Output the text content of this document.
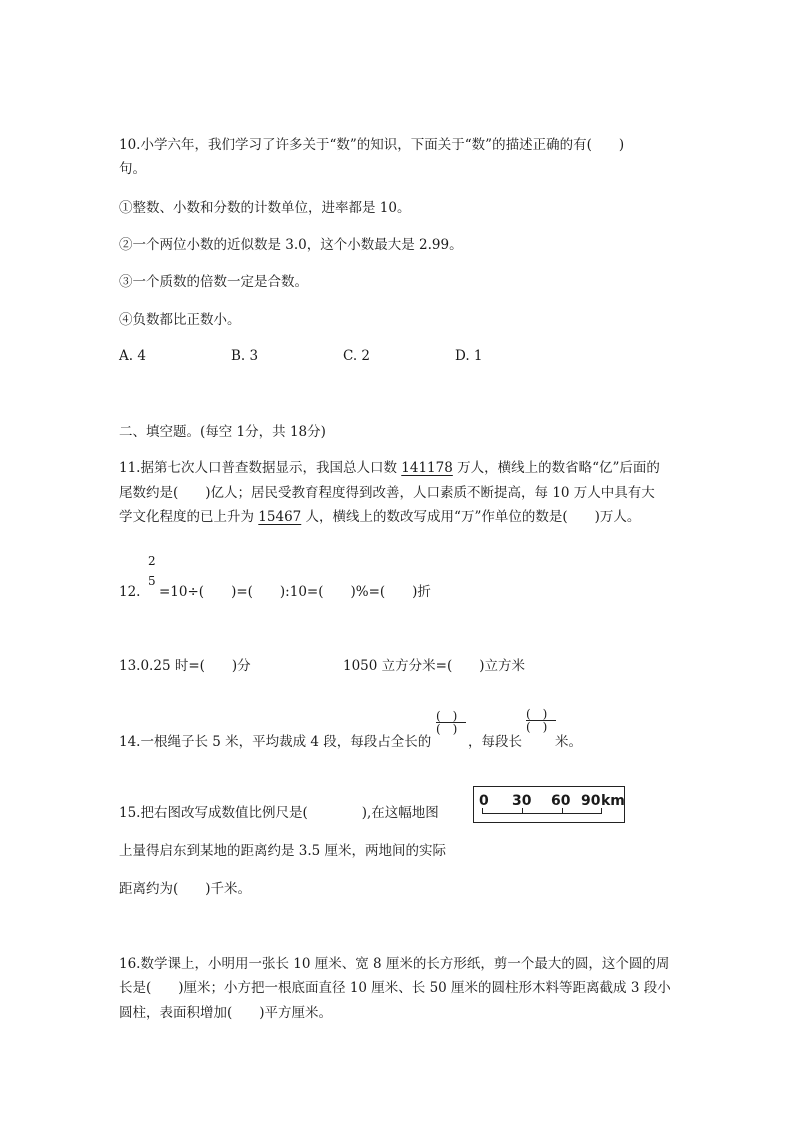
10.小学六年，我们学习了许多关于“数”的知识，下面关于“数”的描述正确的有(　　)
句。
①整数、小数和分数的计数单位，进率都是 10。
②一个两位小数的近似数是 3.0，这个小数最大是 2.99。
③一个质数的倍数一定是合数。
④负数都比正数小。
A. 4	B. 3	C. 2	D. 1
二、填空题。(每空 1分，共 18分)
11.据第七次人口普查数据显示，我国总人口数 141178 万人，横线上的数省略“亿”后面的
尾数约是(　　)亿人；居民受教育程度得到改善，人口素质不断提高，每 10 万人中具有大
学文化程度的已上升为 15467 人，横线上的数改写成用“万”作单位的数是(　　)万人。
2
5
12. =10÷(　　)=(　　):10=(　　)%=(　　)折
13.0.25 时=(　　)分	1050 立方分米=(　　)立方米
14.一根绳子长 5 米，平均裁成 4 段，每段占全长的
(　)
(　)
，每段长
(　)
(　)
米。
15.把右图改写成数值比例尺是(　　　　),在这幅地图
0 30 60 90 km
上量得启东到某地的距离约是 3.5 厘米，两地间的实际
距离约为(　　)千米。
16.数学课上，小明用一张长 10 厘米、宽 8 厘米的长方形纸，剪一个最大的圆，这个圆的周
长是(　　)厘米；小方把一根底面直径 10 厘米、长 50 厘米的圆柱形木料等距离截成 3 段小
圆柱，表面积增加(　　)平方厘米。
